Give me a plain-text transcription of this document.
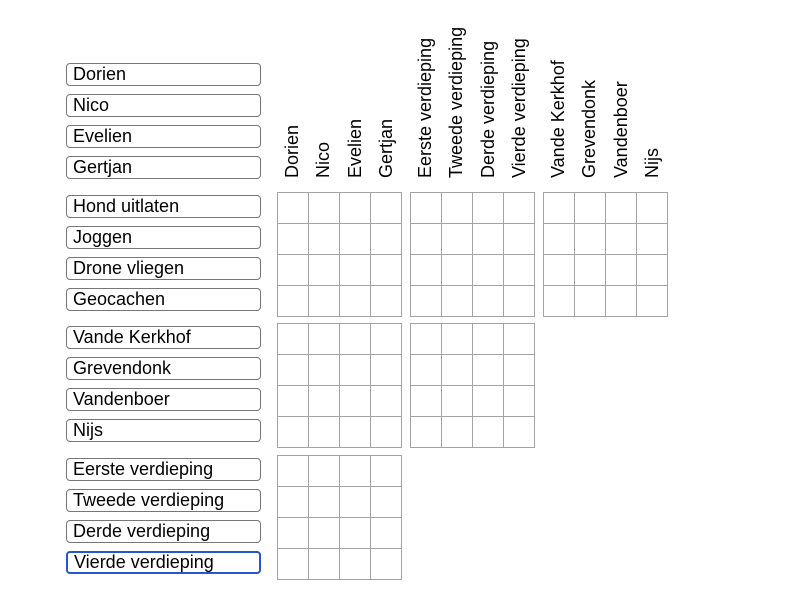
Dorien
Nico
Evelien
Gertjan
Hond uitlaten
Joggen
Drone vliegen
Geocachen
Vande Kerkhof
Grevendonk
Vandenboer
Nijs
Eerste verdieping
Tweede verdieping
Derde verdieping
Vierde verdieping
Dorien Nico Evelien Gertjan	Eerste verdieping Tweede verdieping Derde verdieping Vierde verdieping	Vande Kerkhof Grevendonk Vandenboer Nijs
